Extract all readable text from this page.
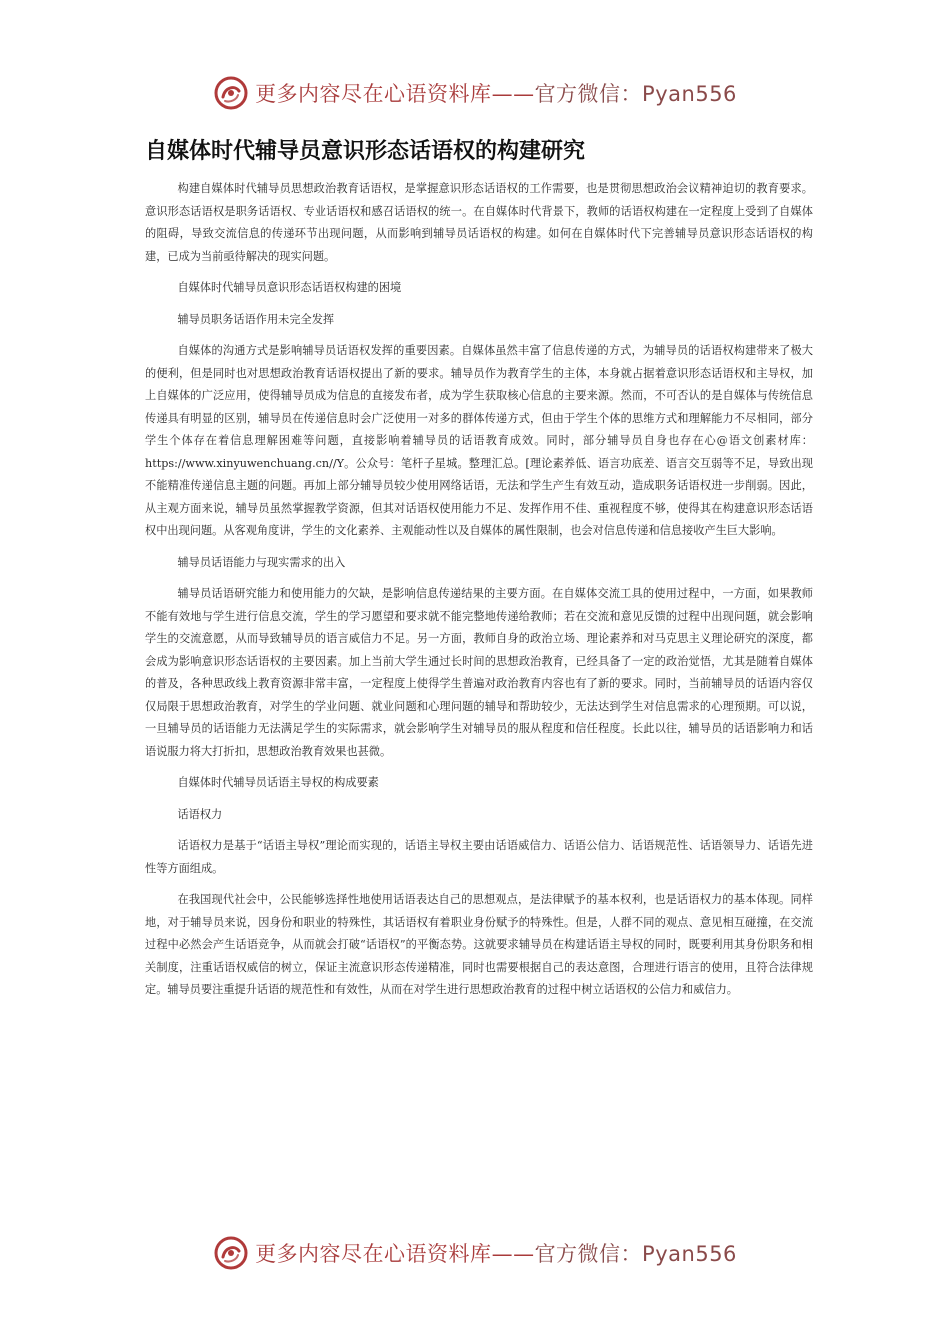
更多内容尽在心语资料库——官方微信：Pyan556
自媒体时代辅导员意识形态话语权的构建研究

构建自媒体时代辅导员思想政治教育话语权，是掌握意识形态话语权的工作需要，也是贯彻思想政治会议精神迫切的教育要求。意识形态话语权是职务话语权、专业话语权和感召话语权的统一。在自媒体时代背景下，教师的话语权构建在一定程度上受到了自媒体的阻碍，导致交流信息的传递环节出现问题，从而影响到辅导员话语权的构建。如何在自媒体时代下完善辅导员意识形态话语权的构建，已成为当前亟待解决的现实问题。

自媒体时代辅导员意识形态话语权构建的困境

辅导员职务话语作用未完全发挥

自媒体的沟通方式是影响辅导员话语权发挥的重要因素。自媒体虽然丰富了信息传递的方式，为辅导员的话语权构建带来了极大的便利，但是同时也对思想政治教育话语权提出了新的要求。辅导员作为教育学生的主体，本身就占据着意识形态话语权和主导权，加上自媒体的广泛应用，使得辅导员成为信息的直接发布者，成为学生获取核心信息的主要来源。然而，不可否认的是自媒体与传统信息传递具有明显的区别，辅导员在传递信息时会广泛使用一对多的群体传递方式，但由于学生个体的思维方式和理解能力不尽相同，部分学生个体存在着信息理解困难等问题，直接影响着辅导员的话语教育成效。同时，部分辅导员自身也存在心@语文创素材库：https://www.xinyuwenchuang.cn//Y。公众号：笔杆子星城。整理汇总。[理论素养低、语言功底差、语言交互弱等不足，导致出现不能精准传递信息主题的问题。再加上部分辅导员较少使用网络话语，无法和学生产生有效互动，造成职务话语权进一步削弱。因此，从主观方面来说，辅导员虽然掌握教学资源，但其对话语权使用能力不足、发挥作用不佳、重视程度不够，使得其在构建意识形态话语权中出现问题。从客观角度讲，学生的文化素养、主观能动性以及自媒体的属性限制，也会对信息传递和信息接收产生巨大影响。

辅导员话语能力与现实需求的出入

辅导员话语研究能力和使用能力的欠缺，是影响信息传递结果的主要方面。在自媒体交流工具的使用过程中，一方面，如果教师不能有效地与学生进行信息交流，学生的学习愿望和要求就不能完整地传递给教师；若在交流和意见反馈的过程中出现问题，就会影响学生的交流意愿，从而导致辅导员的语言威信力不足。另一方面，教师自身的政治立场、理论素养和对马克思主义理论研究的深度，都会成为影响意识形态话语权的主要因素。加上当前大学生通过长时间的思想政治教育，已经具备了一定的政治觉悟，尤其是随着自媒体的普及，各种思政线上教育资源非常丰富，一定程度上使得学生普遍对政治教育内容也有了新的要求。同时，当前辅导员的话语内容仅仅局限于思想政治教育，对学生的学业问题、就业问题和心理问题的辅导和帮助较少，无法达到学生对信息需求的心理预期。可以说，一旦辅导员的话语能力无法满足学生的实际需求，就会影响学生对辅导员的服从程度和信任程度。长此以往，辅导员的话语影响力和话语说服力将大打折扣，思想政治教育效果也甚微。

自媒体时代辅导员话语主导权的构成要素

话语权力

话语权力是基于“话语主导权”理论而实现的，话语主导权主要由话语威信力、话语公信力、话语规范性、话语领导力、话语先进性等方面组成。

在我国现代社会中，公民能够选择性地使用话语表达自己的思想观点，是法律赋予的基本权利，也是话语权力的基本体现。同样地，对于辅导员来说，因身份和职业的特殊性，其话语权有着职业身份赋予的特殊性。但是，人群不同的观点、意见相互碰撞，在交流过程中必然会产生话语竞争，从而就会打破“话语权”的平衡态势。这就要求辅导员在构建话语主导权的同时，既要利用其身份职务和相关制度，注重话语权威信的树立，保证主流意识形态传递精准，同时也需要根据自己的表达意图，合理进行语言的使用，且符合法律规定。辅导员要注重提升话语的规范性和有效性，从而在对学生进行思想政治教育的过程中树立话语权的公信力和威信力。

更多内容尽在心语资料库——官方微信：Pyan556
